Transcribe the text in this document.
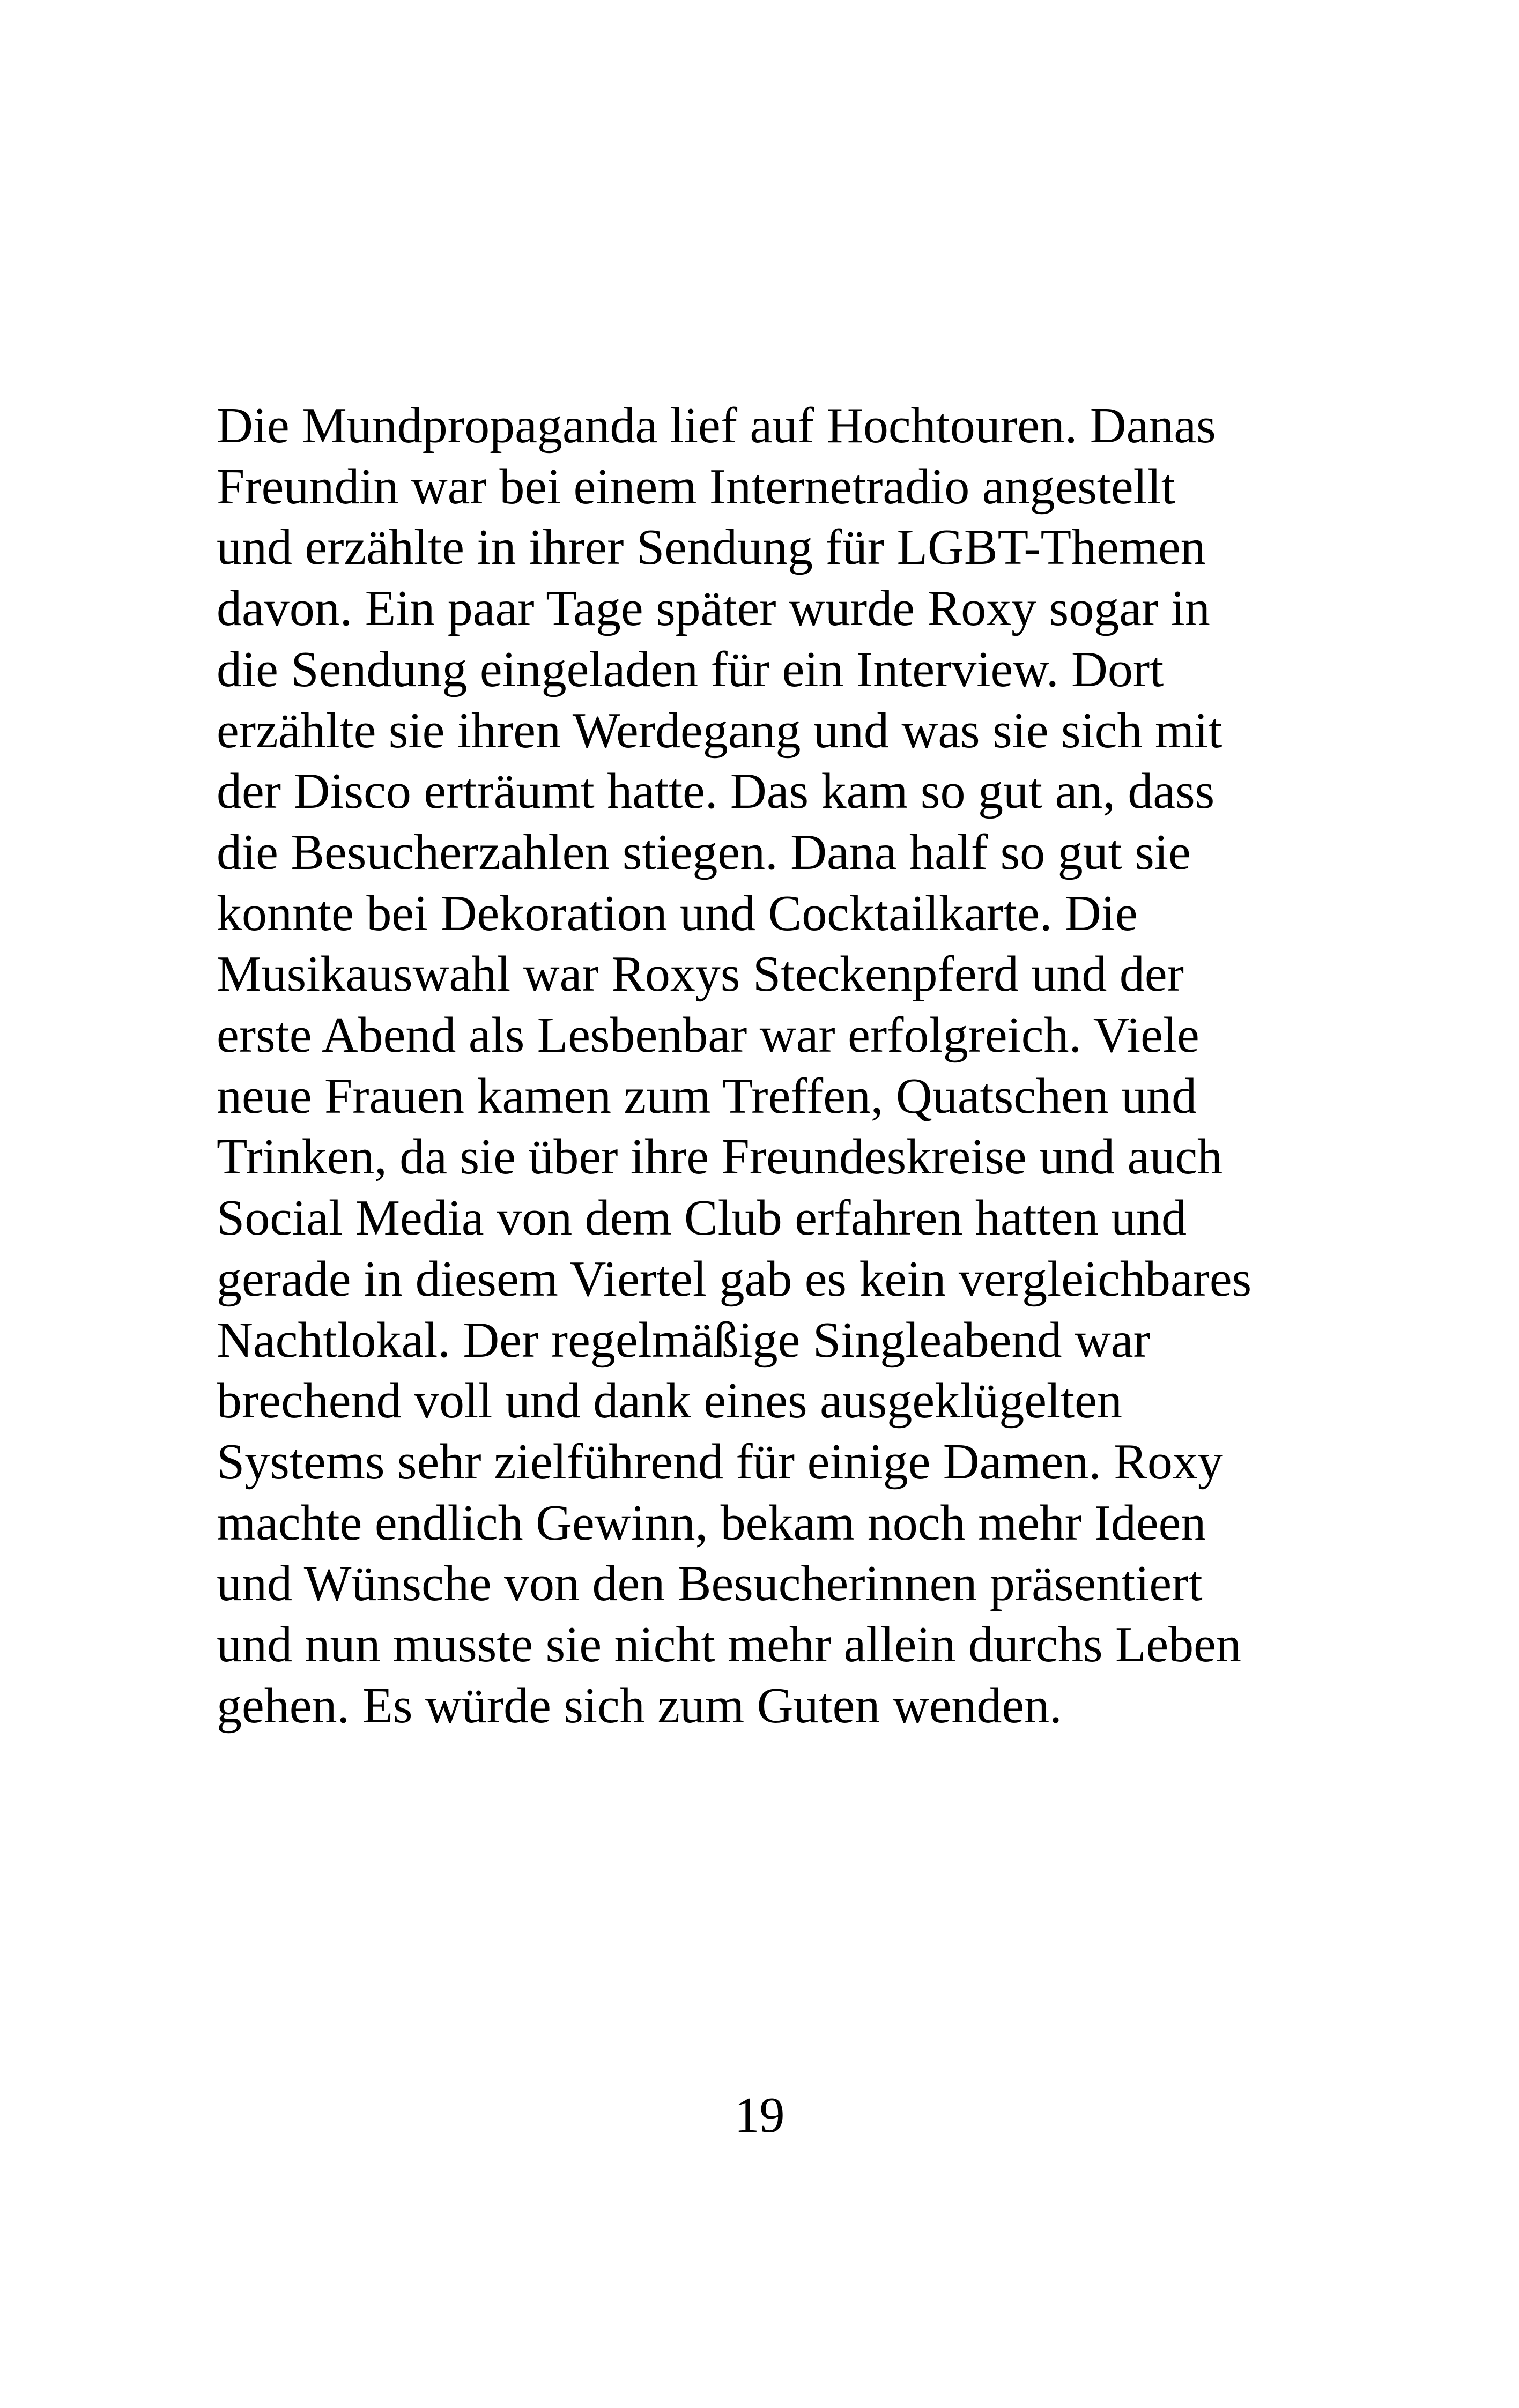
Die Mundpropaganda lief auf Hochtouren. Danas
Freundin war bei einem Internetradio angestellt
und erzählte in ihrer Sendung für LGBT-Themen
davon. Ein paar Tage später wurde Roxy sogar in
die Sendung eingeladen für ein Interview. Dort
erzählte sie ihren Werdegang und was sie sich mit
der Disco erträumt hatte. Das kam so gut an, dass
die Besucherzahlen stiegen. Dana half so gut sie
konnte bei Dekoration und Cocktailkarte. Die
Musikauswahl war Roxys Steckenpferd und der
erste Abend als Lesbenbar war erfolgreich. Viele
neue Frauen kamen zum Treffen, Quatschen und
Trinken, da sie über ihre Freundeskreise und auch
Social Media von dem Club erfahren hatten und
gerade in diesem Viertel gab es kein vergleichbares
Nachtlokal. Der regelmäßige Singleabend war
brechend voll und dank eines ausgeklügelten
Systems sehr zielführend für einige Damen. Roxy
machte endlich Gewinn, bekam noch mehr Ideen
und Wünsche von den Besucherinnen präsentiert
und nun musste sie nicht mehr allein durchs Leben
gehen. Es würde sich zum Guten wenden.

19
